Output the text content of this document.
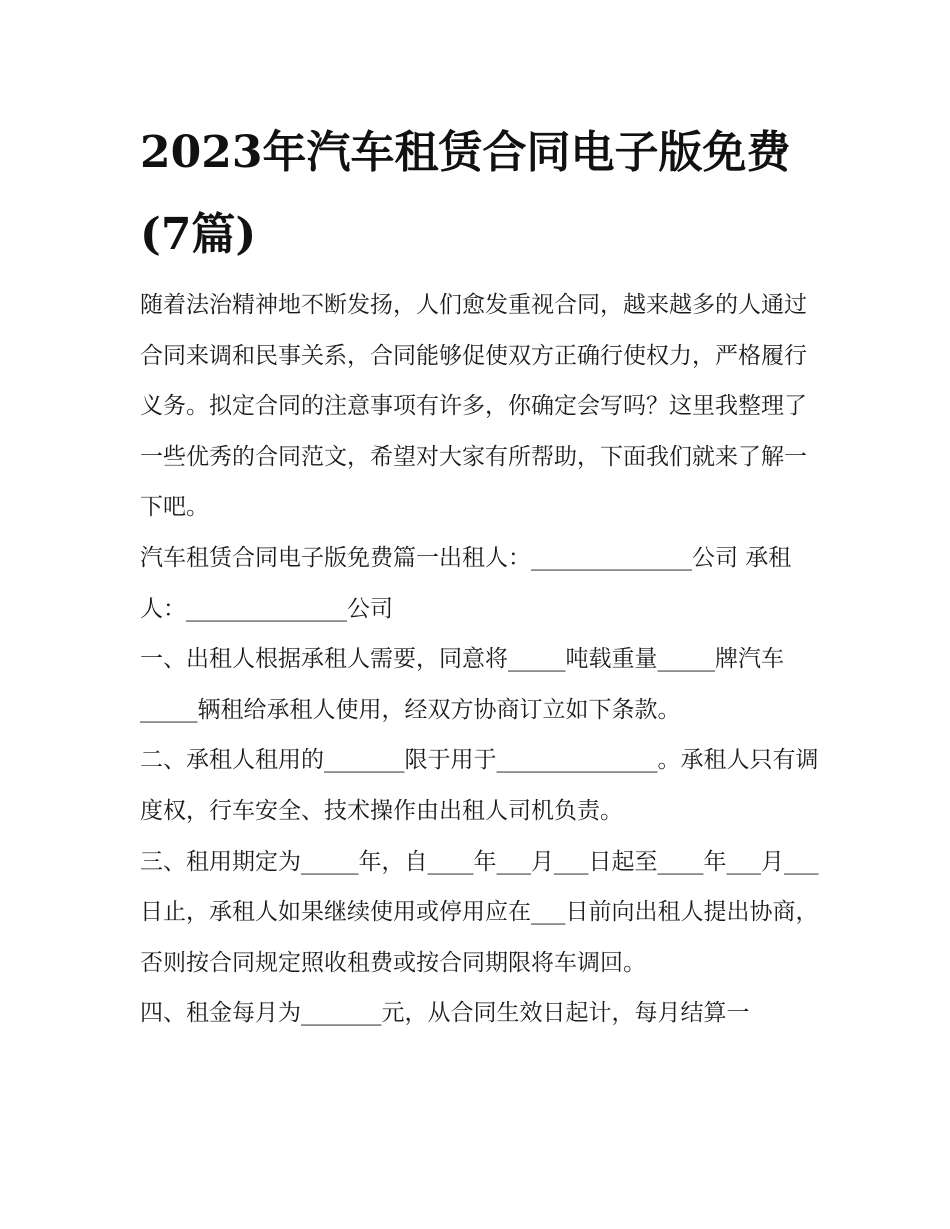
2023年汽车租赁合同电子版免费(7篇)

随着法治精神地不断发扬，人们愈发重视合同，越来越多的人通过合同来调和民事关系，合同能够促使双方正确行使权力，严格履行义务。拟定合同的注意事项有许多，你确定会写吗？这里我整理了一些优秀的合同范文，希望对大家有所帮助，下面我们就来了解一下吧。

汽车租赁合同电子版免费篇一出租人：______________公司 承租人：______________公司

一、出租人根据承租人需要，同意将_____吨载重量_____牌汽车_____辆租给承租人使用，经双方协商订立如下条款。

二、承租人租用的_______限于用于______________。承租人只有调度权，行车安全、技术操作由出租人司机负责。

三、租用期定为_____年，自____年___月___日起至____年___月___日止，承租人如果继续使用或停用应在___日前向出租人提出协商，否则按合同规定照收租费或按合同期限将车调回。

四、租金每月为_______元，从合同生效日起计，每月结算一
